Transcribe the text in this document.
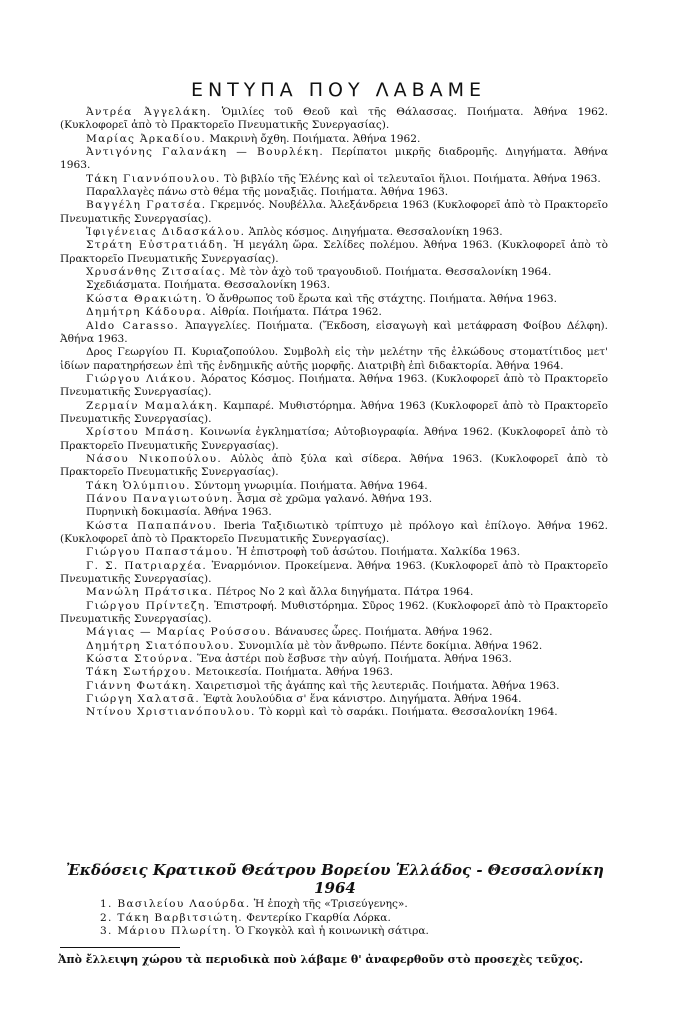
ΕΝΤΥΠΑ ΠΟΥ ΛΑΒΑΜΕ

Ἀντρέα Ἀγγελάκη. Ὁμιλίες τοῦ Θεοῦ καὶ τῆς Θάλασσας. Ποιήματα. Ἀθήνα 1962. (Κυκλοφορεῖ ἀπὸ τὸ Πρακτορεῖο Πνευματικῆς Συνεργασίας).

Μαρίας Ἀρκαδίου. Μακρινὴ ὄχθη. Ποιήματα. Ἀθήνα 1962.

Ἀντιγόνης Γαλανάκη — Βουρλέκη. Περίπατοι μικρῆς διαδρομῆς. Διηγήματα. Ἀθήνα 1963.

Τάκη Γιαννόπουλου. Τὸ βιβλίο τῆς Ἑλένης καὶ οἱ τελευταῖοι ἥλιοι. Ποιήματα. Ἀθήνα 1963.

Παραλλαγὲς πάνω στὸ θέμα τῆς μοναξιᾶς. Ποιήματα. Ἀθήνα 1963.

Βαγγέλη Γρατσέα. Γκρεμνός. Νουβέλλα. Ἀλεξάνδρεια 1963 (Κυκλοφορεῖ ἀπὸ τὸ Πρακτορεῖο Πνευματικῆς Συνεργασίας).

Ἰφιγένειας Διδασκάλου. Ἁπλὸς κόσμος. Διηγήματα. Θεσσαλονίκη 1963.

Στράτη Εὐστρατιάδη. Ἡ μεγάλη ὥρα. Σελίδες πολέμου. Ἀθήνα 1963. (Κυκλοφορεῖ ἀπὸ τὸ Πρακτορεῖο Πνευματικῆς Συνεργασίας).

Χρυσάνθης Ζιτσαίας. Μὲ τὸν ἀχὸ τοῦ τραγουδιοῦ. Ποιήματα. Θεσσαλονίκη 1964.

Σχεδιάσματα. Ποιήματα. Θεσσαλονίκη 1963.

Κώστα Θρακιώτη. Ὁ ἄνθρωπος τοῦ ἔρωτα καὶ τῆς στάχτης. Ποιήματα. Ἀθήνα 1963.

Δημήτρη Κάδουρα. Αἰθρία. Ποιήματα. Πάτρα 1962.

Aldo Carasso. Ἀπαγγελίες. Ποιήματα. (Ἔκδοση, εἰσαγωγὴ καὶ μετάφραση Φοίβου Δέλφη). Ἀθήνα 1963.

Δρος Γεωργίου Π. Κυριαζοπούλου. Συμβολὴ εἰς τὴν μελέτην τῆς ἑλκώδους στοματίτιδος μετ' ἰδίων παρατηρήσεων ἐπὶ τῆς ἐνδημικῆς αὐτῆς μορφῆς. Διατριβὴ ἐπὶ διδακτορία. Ἀθήνα 1964.

Γιώργου Λιάκου. Ἀόρατος Κόσμος. Ποιήματα. Ἀθήνα 1963. (Κυκλοφορεῖ ἀπὸ τὸ Πρακτορεῖο Πνευματικῆς Συνεργασίας).

Ζερμαίν Μαμαλάκη. Καμπαρέ. Μυθιστόρημα. Ἀθήνα 1963 (Κυκλοφορεῖ ἀπὸ τὸ Πρακτορεῖο Πνευματικῆς Συνεργασίας).

Χρίστου Μπάση. Κοινωνία ἐγκληματίσα; Αὐτοβιογραφία. Ἀθήνα 1962. (Κυκλοφορεῖ ἀπὸ τὸ Πρακτορεῖο Πνευματικῆς Συνεργασίας).

Νάσου Νικοπούλου. Αὐλὸς ἀπὸ ξύλα καὶ σίδερα. Ἀθήνα 1963. (Κυκλοφορεῖ ἀπὸ τὸ Πρακτορεῖο Πνευματικῆς Συνεργασίας).

Τάκη Ὀλύμπιου. Σύντομη γνωριμία. Ποιήματα. Ἀθήνα 1964.

Πάνου Παναγιωτούνη. Ἆσμα σὲ χρῶμα γαλανό. Ἀθήνα 193.

Πυρηνικὴ δοκιμασία. Ἀθήνα 1963.

Κώστα Παπαπάνου. Iberia Ταξιδιωτικὸ τρίπτυχο μὲ πρόλογο καὶ ἐπίλογο. Ἀθήνα 1962. (Κυκλοφορεῖ ἀπὸ τὸ Πρακτορεῖο Πνευματικῆς Συνεργασίας).

Γιώργου Παπαστάμου. Ἡ ἐπιστροφὴ τοῦ ἀσώτου. Ποιήματα. Χαλκίδα 1963.

Γ. Σ. Πατριαρχέα. Ἐναρμόνιον. Προκείμενα. Ἀθήνα 1963. (Κυκλοφορεῖ ἀπὸ τὸ Πρακτορεῖο Πνευματικῆς Συνεργασίας).

Μανώλη Πράτσικα. Πέτρος Νο 2 καὶ ἄλλα διηγήματα. Πάτρα 1964.

Γιώργου Πρίντεζη. Ἐπιστροφή. Μυθιστόρημα. Σῦρος 1962. (Κυκλοφορεῖ ἀπὸ τὸ Πρακτορεῖο Πνευματικῆς Συνεργασίας).

Μάγιας — Μαρίας Ρούσσου. Βάναυσες ὧρες. Ποιήματα. Ἀθήνα 1962.

Δημήτρη Σιατόπουλου. Συνομιλία μὲ τὸν ἄνθρωπο. Πέντε δοκίμια. Ἀθήνα 1962.

Κώστα Στούρνα. Ἕνα ἀστέρι ποὺ ἔσβυσε τὴν αὐγή. Ποιήματα. Ἀθήνα 1963.

Τάκη Σωτήρχου. Μετοικεσία. Ποιήματα. Ἀθήνα 1963.

Γιάννη Φωτάκη. Χαιρετισμοὶ τῆς ἀγάπης καὶ τῆς λευτεριᾶς. Ποιήματα. Ἀθήνα 1963.

Γιώργη Χαλατσᾶ. Ἑφτὰ λουλούδια σ' ἕνα κάνιστρο. Διηγήματα. Ἀθήνα 1964.

Ντίνου Χριστιανόπουλου. Τὸ κορμὶ καὶ τὸ σαράκι. Ποιήματα. Θεσσαλονίκη 1964.

Ἐκδόσεις Κρατικοῦ Θεάτρου Βορείου Ἑλλάδος - Θεσσαλονίκη 1964
1. Βασιλείου Λαούρδα. Ἡ ἐποχὴ τῆς «Τρισεύγενης».
2. Τάκη Βαρβιτσιώτη. Φεντερίκο Γκαρθία Λόρκα.
3. Μάριου Πλωρίτη. Ὁ Γκογκὸλ καὶ ἡ κοινωνικὴ σάτιρα.
Ἀπὸ ἔλλειψη χώρου τὰ περιοδικὰ ποὺ λάβαμε θ' ἀναφερθοῦν στὸ προσεχὲς τεῦχος.
